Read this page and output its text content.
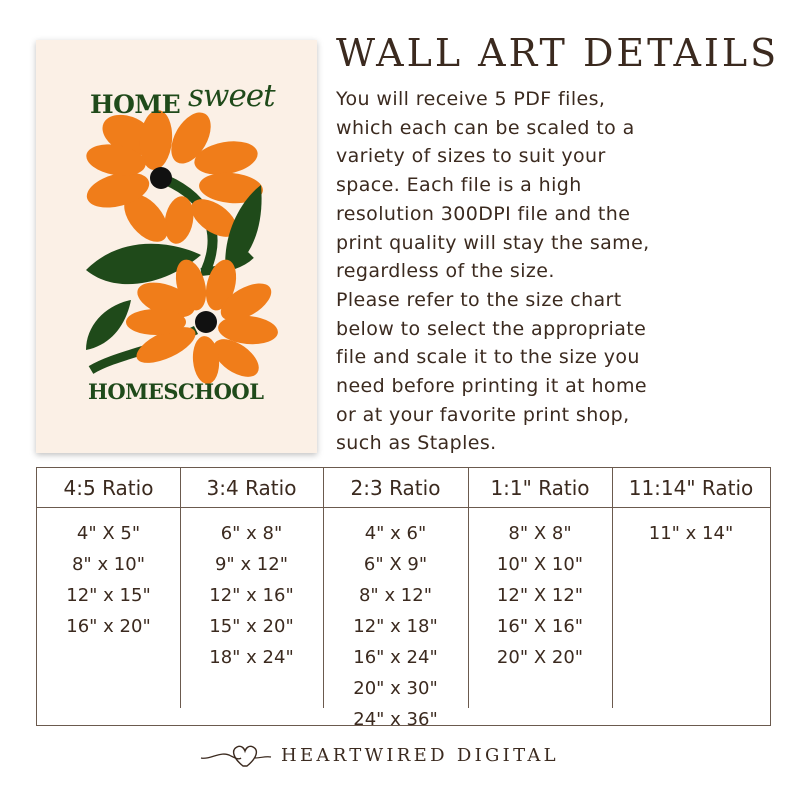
HOME sweet
HOMESCHOOL
WALL ART DETAILS
You will receive 5 PDF files,
which each can be scaled to a
variety of sizes to suit your
space. Each file is a high
resolution 300DPI file and the
print quality will stay the same,
regardless of the size.
Please refer to the size chart
below to select the appropriate
file and scale it to the size you
need before printing it at home
or at your favorite print shop,
such as Staples.
4:5 Ratio
4" X 5"
8" x 10"
12" x 15"
16" x 20"
3:4 Ratio
6" x 8"
9" x 12"
12" x 16"
15" x 20"
18" x 24"
2:3 Ratio
4" x 6"
6" X 9"
8" x 12"
12" x 18"
16" x 24"
20" x 30"
24" x 36"
1:1" Ratio
8" X 8"
10" X 10"
12" X 12"
16" X 16"
20" X 20"
11:14" Ratio
11" x 14"
HEARTWIRED DIGITAL
